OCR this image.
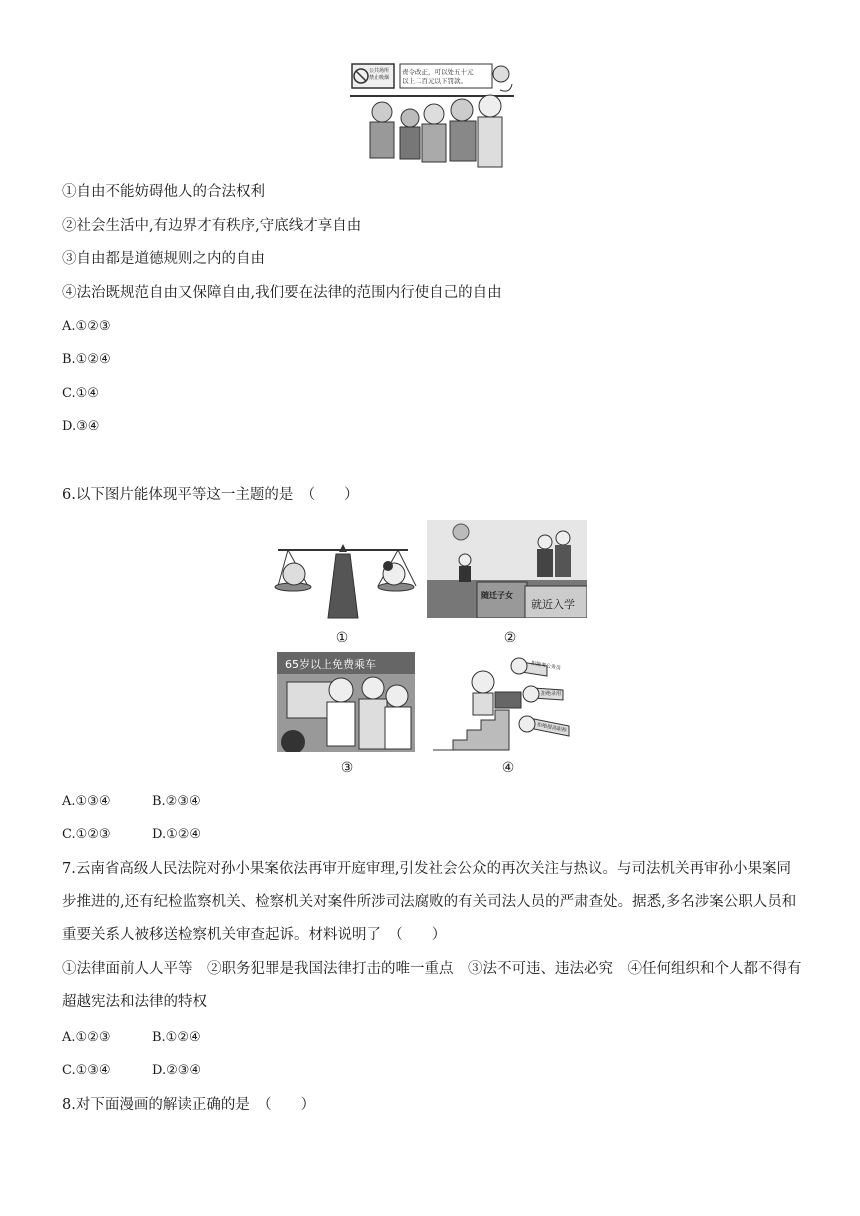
公共场所
禁止吸烟
责令改正，可以处五十元
以上二百元以下罚款。
①自由不能妨碍他人的合法权利
②社会生活中,有边界才有秩序,守底线才享自由
③自由都是道德规则之内的自由
④法治既规范自由又保障自由,我们要在法律的范围内行使自己的自由
A.①②③
B.①②④
C.①④
D.③④
6.以下图片能体现平等这一主题的是　（　　）
①
随迁子女
就近入学
②
65岁以上免费乘车
③
拒绝考公务员
拒绝录用
拒绝提高职称
④
A.①③④	B.②③④
C.①②③	D.①②④
7.云南省高级人民法院对孙小果案依法再审开庭审理,引发社会公众的再次关注与热议。与司法机关再审孙小果案同步推进的,还有纪检监察机关、检察机关对案件所涉司法腐败的有关司法人员的严肃查处。据悉,多名涉案公职人员和重要关系人被移送检察机关审查起诉。材料说明了　（　　）
①法律面前人人平等　②职务犯罪是我国法律打击的唯一重点　③法不可违、违法必究　④任何组织和个人都不得有超越宪法和法律的特权
A.①②③	B.①②④
C.①③④	D.②③④
8.对下面漫画的解读正确的是　（　　）
